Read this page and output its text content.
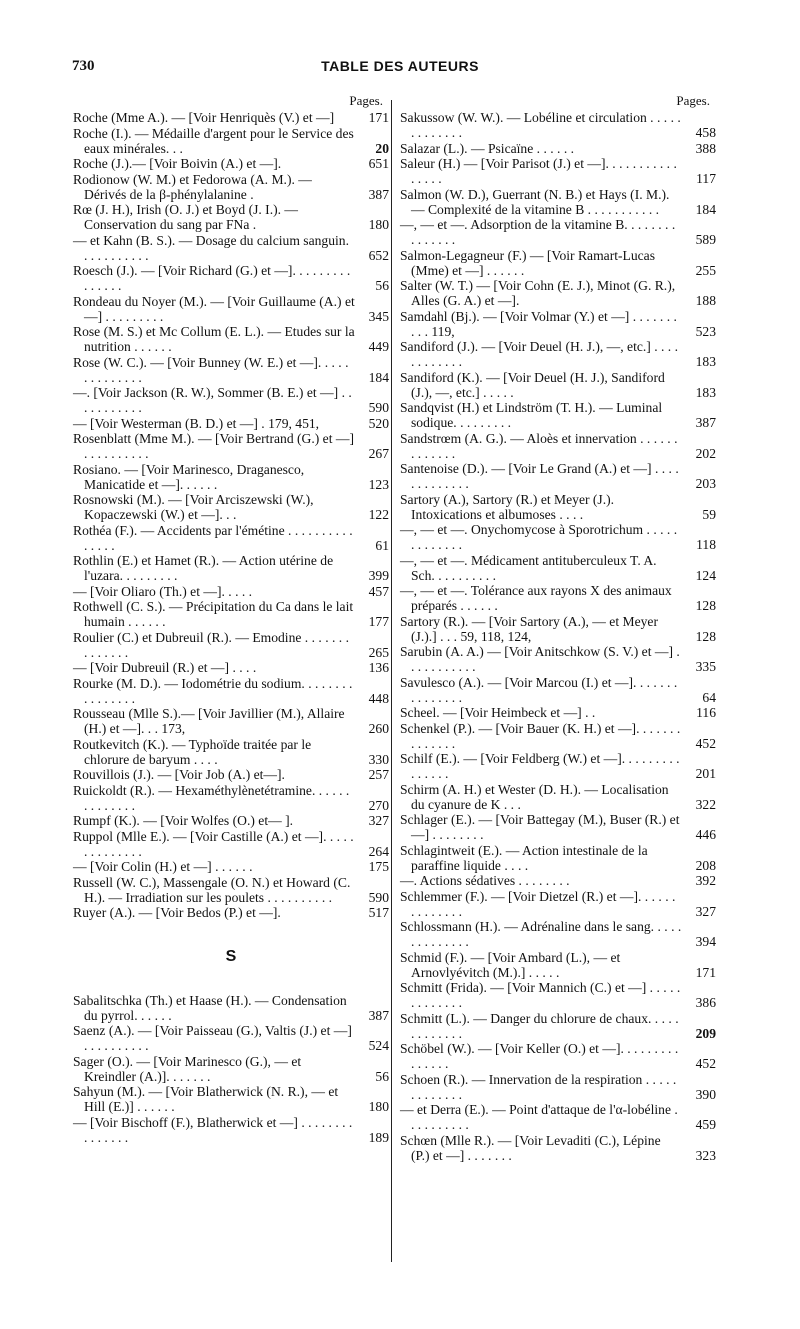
730	TABLE DES AUTEURS
Pages.
Roche (Mme A.). — [Voir Henriquès (V.) et —]	171
Roche (I.). — Médaille d'argent pour le Service des eaux minérales. . .	20
Roche (J.).— [Voir Boivin (A.) et —].	651
Rodionow (W. M.) et Fedorowa (A. M.). — Dérivés de la β-phénylalanine .	387
Rœ (J. H.), Irish (O. J.) et Boyd (J. I.). — Conservation du sang par FNa .	180
— et Kahn (B. S.). — Dosage du calcium sanguin. . . . . . . . . . .	652
Roesch (J.). — [Voir Richard (G.) et —]. . . . . . . . . . . . . . .	56
Rondeau du Noyer (M.). — [Voir Guillaume (A.) et —] . . . . . . . . .	345
Rose (M. S.) et Mc Collum (E. L.). — Etudes sur la nutrition . . . . . .	449
Rose (W. C.). — [Voir Bunney (W. E.) et —]. . . . . . . . . . . . . .	184
—. [Voir Jackson (R. W.), Sommer (B. E.) et —] . . . . . . . . . . .	590
— [Voir Westerman (B. D.) et —] . 179, 451,	520
Rosenblatt (Mme M.). — [Voir Bertrand (G.) et —] . . . . . . . . . .	267
Rosiano. — [Voir Marinesco, Draganesco, Manicatide et —]. . . . . .	123
Rosnowski (M.). — [Voir Arciszewski (W.), Kopaczewski (W.) et —]. . .	122
Rothéa (F.). — Accidents par l'émétine . . . . . . . . . . . . . . .	61
Rothlin (E.) et Hamet (R.). — Action utérine de l'uzara. . . . . . . . .	399
— [Voir Oliaro (Th.) et —]. . . . .	457
Rothwell (C. S.). — Précipitation du Ca dans le lait humain . . . . . .	177
Roulier (C.) et Dubreuil (R.). — Emodine . . . . . . . . . . . . . .	265
— [Voir Dubreuil (R.) et —] . . . .	136
Rourke (M. D.). — Iodométrie du sodium. . . . . . . . . . . . . . . .	448
Rousseau (Mlle S.).— [Voir Javillier (M.), Allaire (H.) et —]. . . 173,	260
Routkevitch (K.). — Typhoïde traitée par le chlorure de baryum . . . .	330
Rouvillois (J.). — [Voir Job (A.) et—].	257
Ruickoldt (R.). — Hexaméthylènetétramine. . . . . . . . . . . . . .	270
Rumpf (K.). — [Voir Wolfes (O.) et— ].	327
Ruppol (Mlle E.). — [Voir Castille (A.) et —]. . . . . . . . . . . . . .	264
— [Voir Colin (H.) et —] . . . . . .	175
Russell (W. C.), Massengale (O. N.) et Howard (C. H.). — Irradiation sur les poulets . . . . . . . . . .	590
Ruyer (A.). — [Voir Bedos (P.) et —].	517
S
Sabalitschka (Th.) et Haase (H.). — Condensation du pyrrol. . . . . .	387
Saenz (A.). — [Voir Paisseau (G.), Valtis (J.) et —] . . . . . . . . . .	524
Sager (O.). — [Voir Marinesco (G.), — et Kreindler (A.)]. . . . . . .	56
Sahyun (M.). — [Voir Blatherwick (N. R.), — et Hill (E.)] . . . . . .	180
— [Voir Bischoff (F.), Blatherwick et —] . . . . . . . . . . . . . . .	189
Pages.
Sakussow (W. W.). — Lobéline et circulation . . . . . . . . . . . . .	458
Salazar (L.). — Psicaïne . . . . . .	388
Saleur (H.) — [Voir Parisot (J.) et —]. . . . . . . . . . . . . . . .	117
Salmon (W. D.), Guerrant (N. B.) et Hays (I. M.). — Complexité de la vitamine B . . . . . . . . . . .	184
—, — et —. Adsorption de la vitamine B. . . . . . . . . . . . . . .	589
Salmon-Legagneur (F.) — [Voir Ramart-Lucas (Mme) et —] . . . . . .	255
Salter (W. T.) — [Voir Cohn (E. J.), Minot (G. R.), Alles (G. A.) et —].	188
Samdahl (Bj.). — [Voir Volmar (Y.) et —] . . . . . . . . . . 119,	523
Sandiford (J.). — [Voir Deuel (H. J.), —, etc.] . . . . . . . . . . . .	183
Sandiford (K.). — [Voir Deuel (H. J.), Sandiford (J.), —, etc.] . . . . .	183
Sandqvist (H.) et Lindström (T. H.). — Luminal sodique. . . . . . . . .	387
Sandstrœm (A. G.). — Aloès et innervation . . . . . . . . . . . . .	202
Santenoise (D.). — [Voir Le Grand (A.) et —] . . . . . . . . . . . . .	203
Sartory (A.), Sartory (R.) et Meyer (J.). Intoxications et albumoses . . . .	59
—, — et —. Onychomycose à Sporotrichum . . . . . . . . . . . . .	118
—, — et —. Médicament antituberculeux T. A. Sch. . . . . . . . . .	124
—, — et —. Tolérance aux rayons X des animaux préparés . . . . . .	128
Sartory (R.). — [Voir Sartory (A.), — et Meyer (J.).] . . . 59, 118, 124,	128
Sarubin (A. A.) — [Voir Anitschkow (S. V.) et —] . . . . . . . . . . .	335
Savulesco (A.). — [Voir Marcou (I.) et —]. . . . . . . . . . . . . . .	64
Scheel. — [Voir Heimbeck et —] . .	116
Schenkel (P.). — [Voir Bauer (K. H.) et —]. . . . . . . . . . . . . .	452
Schilf (E.). — [Voir Feldberg (W.) et —]. . . . . . . . . . . . . . .	201
Schirm (A. H.) et Wester (D. H.). — Localisation du cyanure de K . . .	322
Schlager (E.). — [Voir Battegay (M.), Buser (R.) et —] . . . . . . . .	446
Schlagintweit (E.). — Action intestinale de la paraffine liquide . . . .	208
—. Actions sédatives . . . . . . . .	392
Schlemmer (F.). — [Voir Dietzel (R.) et —]. . . . . . . . . . . . . .	327
Schlossmann (H.). — Adrénaline dans le sang. . . . . . . . . . . . . .	394
Schmid (F.). — [Voir Ambard (L.), — et Arnovlyévitch (M.).] . . . . .	171
Schmitt (Frida). — [Voir Mannich (C.) et —] . . . . . . . . . . . . .	386
Schmitt (L.). — Danger du chlorure de chaux. . . . . . . . . . . . .	209
Schöbel (W.). — [Voir Keller (O.) et —]. . . . . . . . . . . . . . .	452
Schoen (R.). — Innervation de la respiration . . . . . . . . . . . . .	390
— et Derra (E.). — Point d'attaque de l'α-lobéline . . . . . . . . . .	459
Schœn (Mlle R.). — [Voir Levaditi (C.), Lépine (P.) et —] . . . . . . .	323
